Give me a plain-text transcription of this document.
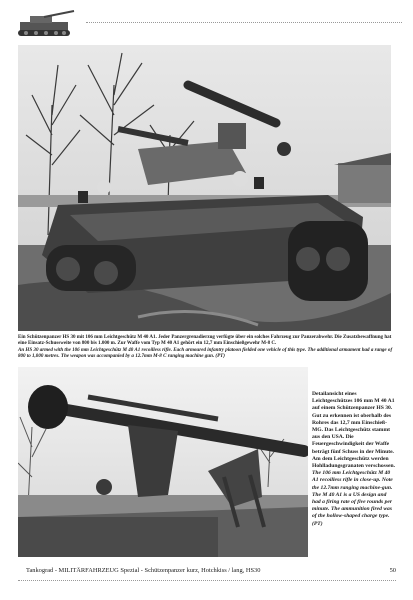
Ein Schützenpanzer HS 30 mit 106 mm Leichtgeschütz M 40 A1. Jeder Panzergrenadierzug verfügte über ein solches Fahrzeug zur Panzerabwehr. Die Zusatzbewaffnung hat eine Einsatz-Schussweite von 800 bis 1.000 m. Zur Waffe vom Typ M 40 A1 gehört ein 12,7 mm Einschießgewehr M-8 C.

An HS 30 armed with the 106 mm Leichtgeschütz M 40 A1 recoilless rifle. Each armoured infantry platoon fielded one vehicle of this type. The additional armament had a range of 800 to 1,000 metres. The weapon was accompanied by a 12.7mm M-8 C ranging machine gun. (PT)

Detailansicht eines Leichtgeschützes 106 mm M 40 A1 auf einem Schützenpanzer HS 30. Gut zu erkennen ist oberhalb des Rohres das 12,7 mm Einschieß-MG. Das Leichtgeschütz stammt aus den USA. Die Feuergeschwindigkeit der Waffe beträgt fünf Schuss in der Minute. Am dem Leichtgeschütz werden Hohlladungsgranaten verschossen.

The 106 mm Leichtgeschütz M 40 A1 recoilless rifle in close-up. Note the 12.7mm ranging machine-gun. The M 40 A1 is a US design and had a firing rate of five rounds per minute. The ammunition fired was of the hollow-shaped charge type. (PT)

Tankograd - MILITÄRFAHRZEUG Spezial - Schützenpanzer kurz, Hotchkiss / lang, HS30	50
